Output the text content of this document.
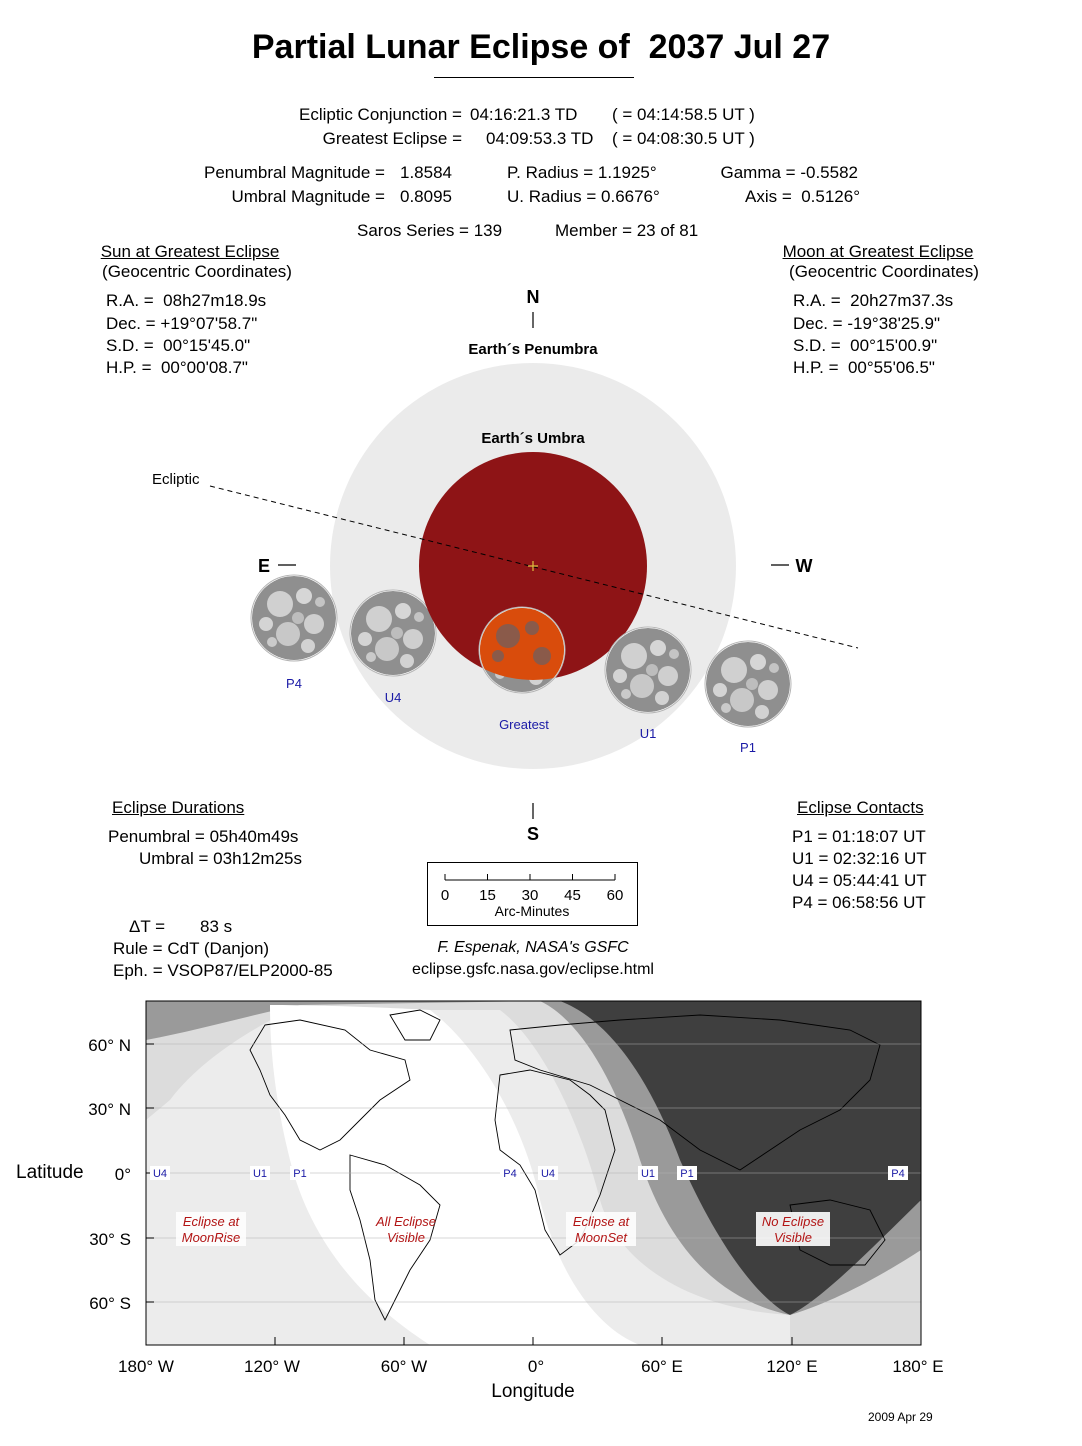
Partial Lunar Eclipse of  2037 Jul 27
Ecliptic Conjunction = 04:16:21.3 TD ( = 04:14:58.5 UT )
Greatest Eclipse = 04:09:53.3 TD ( = 04:08:30.5 UT )
Penumbral Magnitude = 1.8584
Umbral Magnitude = 0.8095
P. Radius = 1.1925°
U. Radius = 0.6676°
Gamma = -0.5582
Axis =  0.5126°
Saros Series = 139	Member = 23 of 81
Sun at Greatest Eclipse
(Geocentric Coordinates)
R.A. =  08h27m18.9s
Dec. = +19°07'58.7"
S.D. =  00°15'45.0"
H.P. =  00°00'08.7"
Moon at Greatest Eclipse
(Geocentric Coordinates)
R.A. =  20h27m37.3s
Dec. = -19°38'25.9"
S.D. =  00°15'00.9"
H.P. =  00°55'06.5"
N
S
E	W
Earth´s Penumbra
Earth´s Umbra
Ecliptic
P4
U4
Greatest
U1
P1
Eclipse Durations
Penumbral = 05h40m49s
Umbral = 03h12m25s
Eclipse Contacts
P1 = 01:18:07 UT
U1 = 02:32:16 UT
U4 = 05:44:41 UT
P4 = 06:58:56 UT
0 15 30 45 60
Arc-Minutes
ΔT = 83 s
Rule = CdT (Danjon)
Eph. = VSOP87/ELP2000-85
F. Espenak, NASA's GSFC
eclipse.gsfc.nasa.gov/eclipse.html
60° N
30° N
0°
30° S
60° S
Latitude
180° W	120° W	60° W	0°	60° E	120° E	180° E
Longitude
U4	U1 P1	P4 U4	U1 P1	P4
Eclipse at
MoonRise
All Eclipse
Visible
Eclipse at
MoonSet
No Eclipse
Visible
2009 Apr 29
